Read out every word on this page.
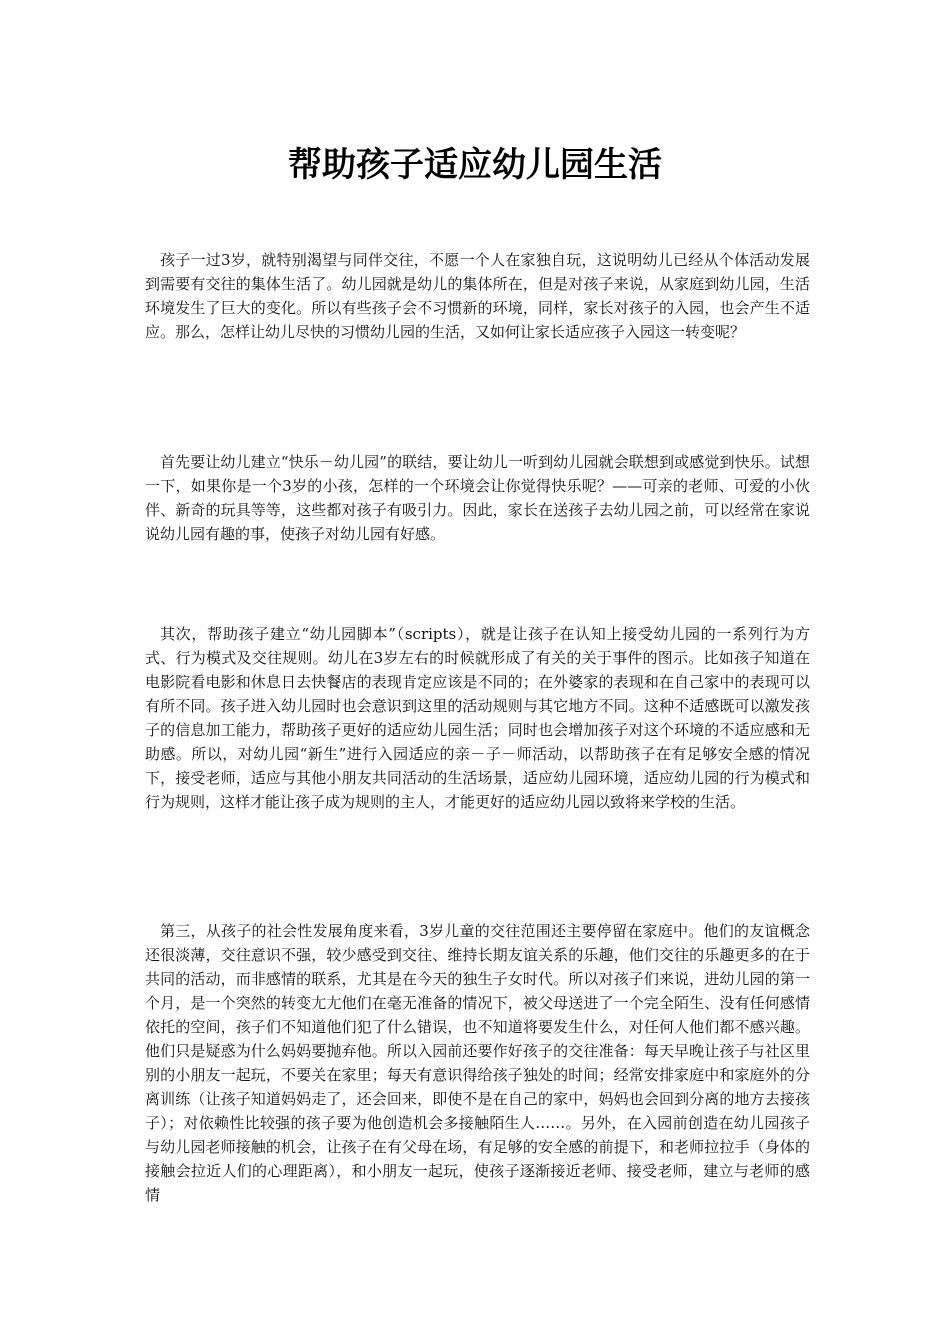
帮助孩子适应幼儿园生活

孩子一过3岁，就特别渴望与同伴交往，不愿一个人在家独自玩，这说明幼儿已经从个体活动发展到需要有交往的集体生活了。幼儿园就是幼儿的集体所在，但是对孩子来说，从家庭到幼儿园，生活环境发生了巨大的变化。所以有些孩子会不习惯新的环境，同样，家长对孩子的入园，也会产生不适应。那么，怎样让幼儿尽快的习惯幼儿园的生活，又如何让家长适应孩子入园这一转变呢？

首先要让幼儿建立“快乐－幼儿园”的联结，要让幼儿一听到幼儿园就会联想到或感觉到快乐。试想一下，如果你是一个3岁的小孩，怎样的一个环境会让你觉得快乐呢？——可亲的老师、可爱的小伙伴、新奇的玩具等等，这些都对孩子有吸引力。因此，家长在送孩子去幼儿园之前，可以经常在家说说幼儿园有趣的事，使孩子对幼儿园有好感。

其次，帮助孩子建立“幼儿园脚本”（scripts），就是让孩子在认知上接受幼儿园的一系列行为方式、行为模式及交往规则。幼儿在3岁左右的时候就形成了有关的关于事件的图示。比如孩子知道在电影院看电影和休息日去快餐店的表现肯定应该是不同的；在外婆家的表现和在自己家中的表现可以有所不同。孩子进入幼儿园时也会意识到这里的活动规则与其它地方不同。这种不适感既可以激发孩子的信息加工能力，帮助孩子更好的适应幼儿园生活；同时也会增加孩子对这个环境的不适应感和无助感。所以，对幼儿园“新生”进行入园适应的亲－子－师活动，以帮助孩子在有足够安全感的情况下，接受老师，适应与其他小朋友共同活动的生活场景，适应幼儿园环境，适应幼儿园的行为模式和行为规则，这样才能让孩子成为规则的主人，才能更好的适应幼儿园以致将来学校的生活。

第三，从孩子的社会性发展角度来看，3岁儿童的交往范围还主要停留在家庭中。他们的友谊概念还很淡薄，交往意识不强，较少感受到交往、维持长期友谊关系的乐趣，他们交往的乐趣更多的在于共同的活动，而非感情的联系，尤其是在今天的独生子女时代。所以对孩子们来说，进幼儿园的第一个月，是一个突然的转变尢尢他们在毫无准备的情况下，被父母送进了一个完全陌生、没有任何感情依托的空间，孩子们不知道他们犯了什么错误，也不知道将要发生什么，对任何人他们都不感兴趣。他们只是疑惑为什么妈妈要抛弃他。所以入园前还要作好孩子的交往准备：每天早晚让孩子与社区里别的小朋友一起玩，不要关在家里；每天有意识得给孩子独处的时间；经常安排家庭中和家庭外的分离训练（让孩子知道妈妈走了，还会回来，即使不是在自己的家中，妈妈也会回到分离的地方去接孩子）；对依赖性比较强的孩子要为他创造机会多接触陌生人……。另外，在入园前创造在幼儿园孩子与幼儿园老师接触的机会，让孩子在有父母在场，有足够的安全感的前提下，和老师拉拉手（身体的接触会拉近人们的心理距离），和小朋友一起玩，使孩子逐渐接近老师、接受老师，建立与老师的感情
